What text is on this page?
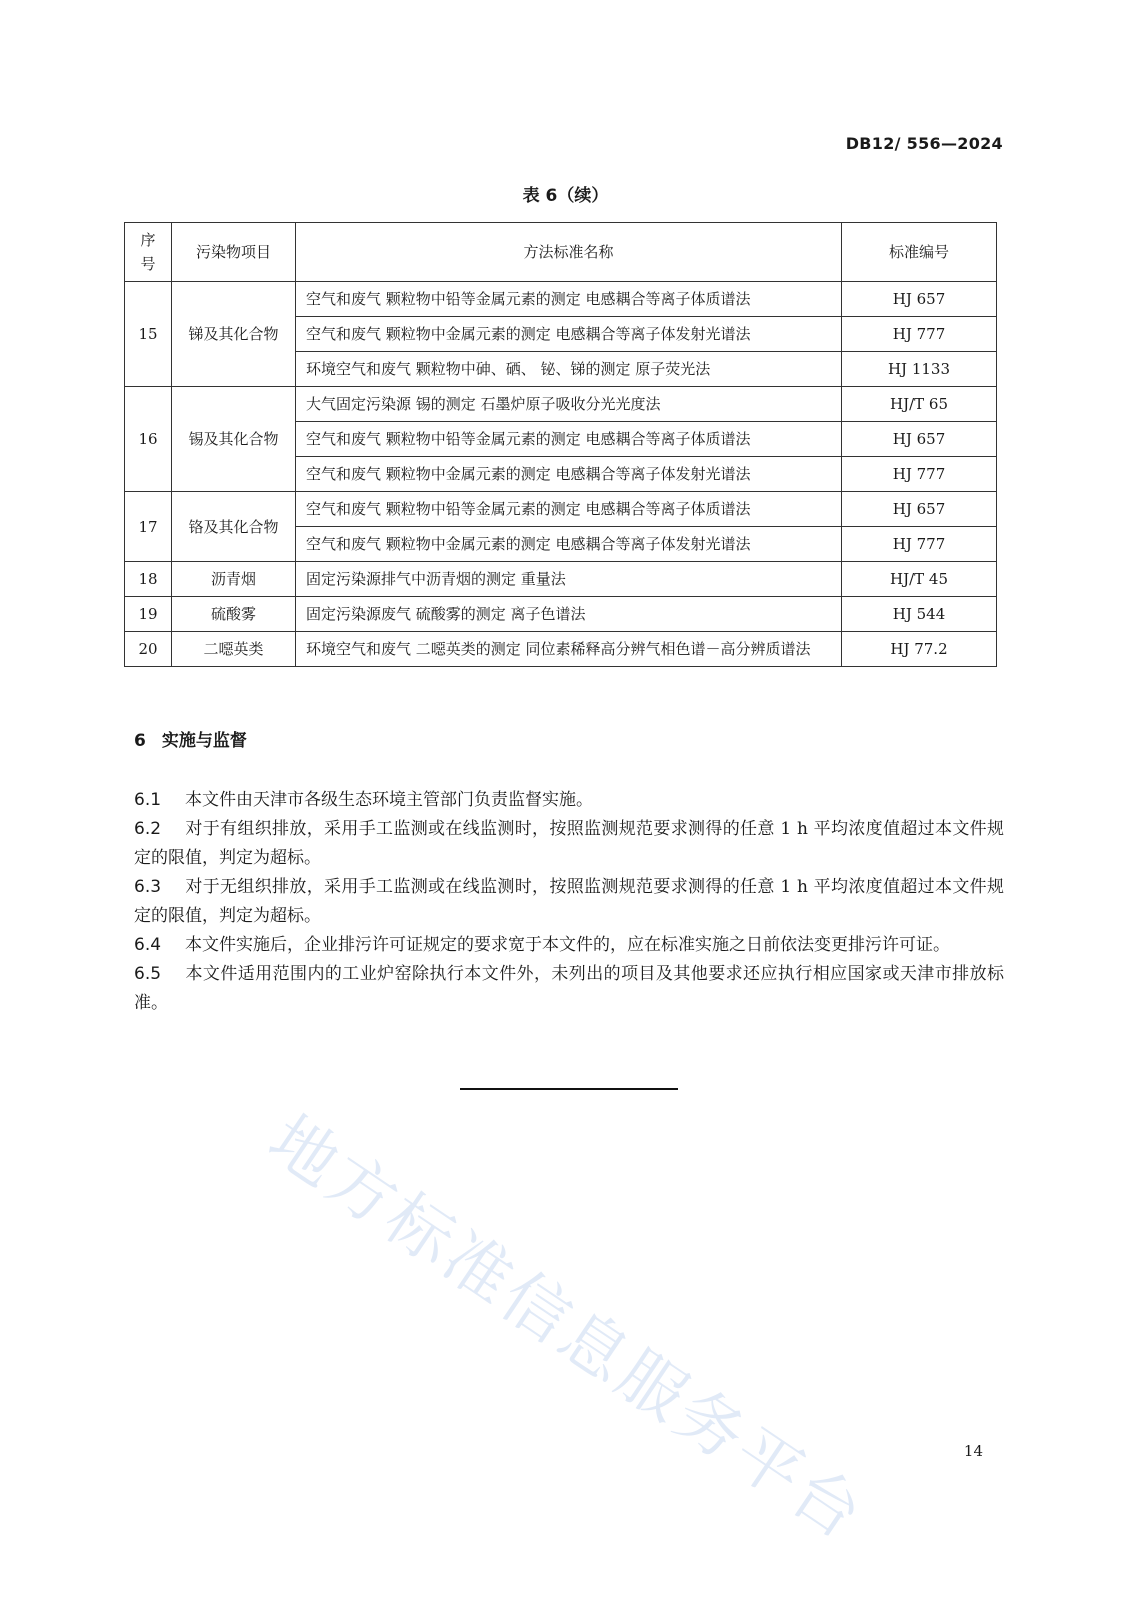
DB12/ 556—2024
表 6（续）
序号	污染物项目	方法标准名称	标准编号
15	锑及其化合物	空气和废气 颗粒物中铅等金属元素的测定 电感耦合等离子体质谱法	HJ 657
		空气和废气 颗粒物中金属元素的测定 电感耦合等离子体发射光谱法	HJ 777
		环境空气和废气 颗粒物中砷、硒、 铋、锑的测定 原子荧光法	HJ 1133
16	锡及其化合物	大气固定污染源 锡的测定 石墨炉原子吸收分光光度法	HJ/T 65
		空气和废气 颗粒物中铅等金属元素的测定 电感耦合等离子体质谱法	HJ 657
		空气和废气 颗粒物中金属元素的测定 电感耦合等离子体发射光谱法	HJ 777
17	铬及其化合物	空气和废气 颗粒物中铅等金属元素的测定 电感耦合等离子体质谱法	HJ 657
		空气和废气 颗粒物中金属元素的测定 电感耦合等离子体发射光谱法	HJ 777
18	沥青烟	固定污染源排气中沥青烟的测定 重量法	HJ/T 45
19	硫酸雾	固定污染源废气 硫酸雾的测定 离子色谱法	HJ 544
20	二噁英类	环境空气和废气 二噁英类的测定 同位素稀释高分辨气相色谱－高分辨质谱法	HJ 77.2
6 实施与监督

6.1 本文件由天津市各级生态环境主管部门负责监督实施。

6.2 对于有组织排放，采用手工监测或在线监测时，按照监测规范要求测得的任意 1 h 平均浓度值超过本文件规定的限值，判定为超标。

6.3 对于无组织排放，采用手工监测或在线监测时，按照监测规范要求测得的任意 1 h 平均浓度值超过本文件规定的限值，判定为超标。

6.4 本文件实施后，企业排污许可证规定的要求宽于本文件的，应在标准实施之日前依法变更排污许可证。

6.5 本文件适用范围内的工业炉窑除执行本文件外，未列出的项目及其他要求还应执行相应国家或天津市排放标准。

地方标准信息服务平台	14
